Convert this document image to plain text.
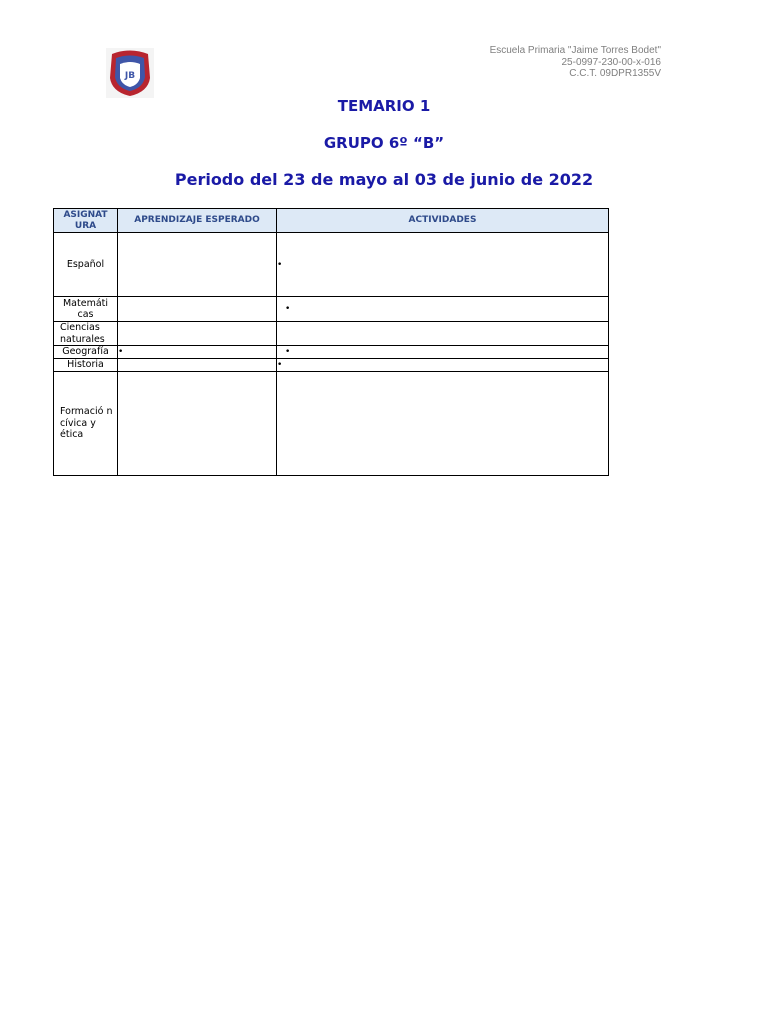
JB
Escuela Primaria "Jaime Torres Bodet"
25-0997-230-00-x-016
C.C.T. 09DPR1355V
TEMARIO 1
GRUPO 6º “B”
Periodo del 23 de mayo al 03 de junio de 2022
ASIGNAT URA	APRENDIZAJE ESPERADO	ACTIVIDADES
Español		•
Matemáti cas		•
Ciencias naturales		
Geografía	•	•
Historia		•
Formació n cívica y ética		
